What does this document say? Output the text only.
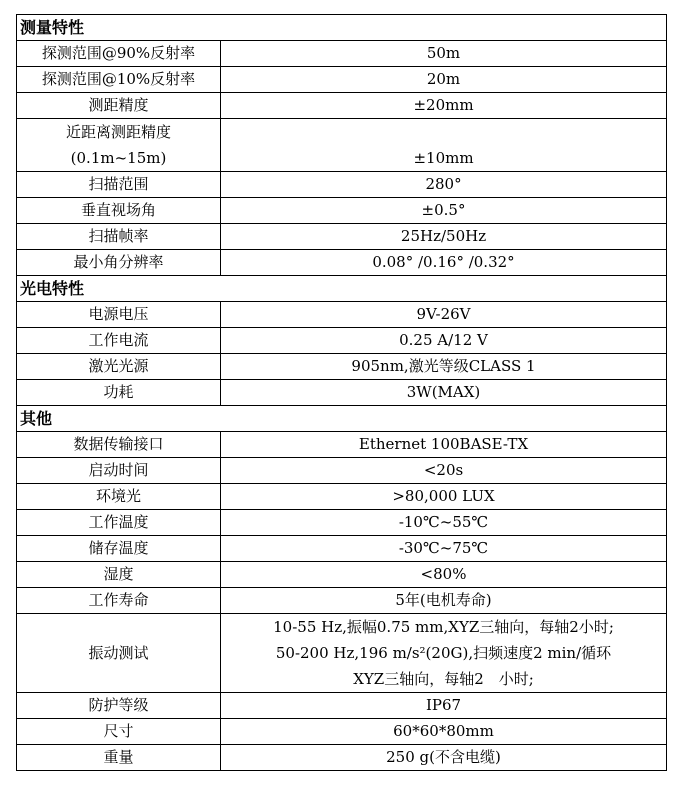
测量特性	
探测范围@90%反射率	50m
探测范围@10%反射率	20m
测距精度	±20mm

近距离测距精度
(0.1m~15m)	±10mm
扫描范围	280°
垂直视场角	±0.5°
扫描帧率	25Hz/50Hz
最小角分辨率	0.08° /0.16° /0.32°
光电特性	
电源电压	9V-26V
工作电流	0.25 A/12 V
激光光源	905nm,激光等级CLASS 1
功耗	3W(MAX)
其他	
数据传输接口	Ethernet 100BASE-TX
启动时间	<20s
环境光	>80,000 LUX
工作温度	-10℃~55℃
储存温度	-30℃~75℃
湿度	<80%
工作寿命	5年(电机寿命)
振动测试	10-55 Hz,振幅0.75 mm,XYZ三轴向，每轴2小时;
50-200 Hz,196 m/s²(20G),扫频速度2 min/循环
XYZ三轴向，每轴2　小时;

防护等级	IP67
尺寸	60*60*80mm
重量	250 g(不含电缆)
